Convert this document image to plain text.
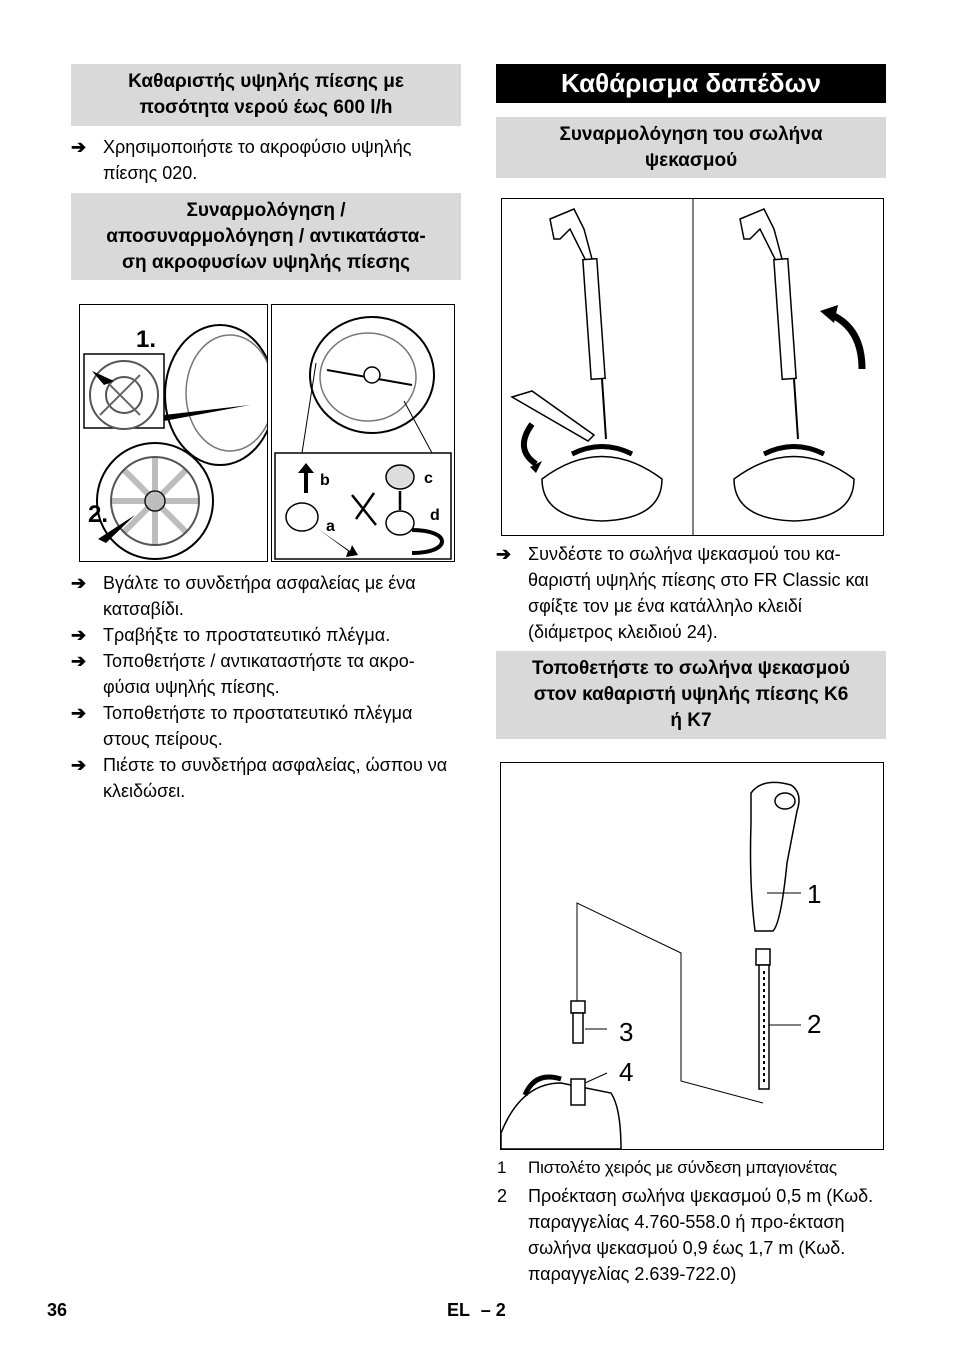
Καθαριστής υψηλής πίεσης με
ποσότητα νερού έως 600 l/h
➔ Χρησιμοποιήστε το ακροφύσιο υψηλής πίεσης 020.
Συναρμολόγηση /
αποσυναρμολόγηση / αντικατάστα-
ση ακροφυσίων υψηλής πίεσης
1.
2.
b
a
c
d
➔ Βγάλτε το συνδετήρα ασφαλείας με ένα κατσαβίδι.
➔ Τραβήξτε το προστατευτικό πλέγμα.
➔ Τοποθετήστε / αντικαταστήστε τα ακρο-φύσια υψηλής πίεσης.
➔ Τοποθετήστε το προστατευτικό πλέγμα στους πείρους.
➔ Πιέστε το συνδετήρα ασφαλείας, ώσπου να κλειδώσει.
Καθάρισμα δαπέδων
Συναρμολόγηση του σωλήνα
ψεκασμού
➔ Συνδέστε το σωλήνα ψεκασμού του κα-θαριστή υψηλής πίεσης στο FR Classic και σφίξτε τον με ένα κατάλληλο κλειδί (διάμετρος κλειδιού 24).
Τοποθετήστε το σωλήνα ψεκασμού
στον καθαριστή υψηλής πίεσης K6
ή K7
1
2
3
4
1	Πιστολέτο χειρός με σύνδεση μπαγιονέτας
2	Προέκταση σωλήνα ψεκασμού 0,5 m (Κωδ. παραγγελίας 4.760-558.0 ή προ-έκταση σωλήνα ψεκασμού 0,9 έως 1,7 m (Κωδ. παραγγελίας 2.639-722.0)
36	EL – 2
